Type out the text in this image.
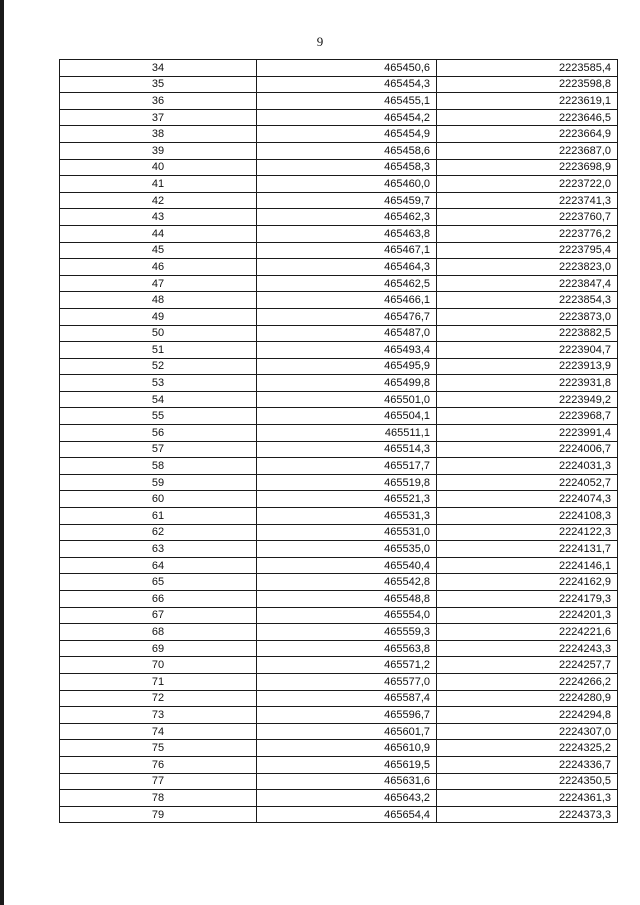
9
34	465450,6	2223585,4
35	465454,3	2223598,8
36	465455,1	2223619,1
37	465454,2	2223646,5
38	465454,9	2223664,9
39	465458,6	2223687,0
40	465458,3	2223698,9
41	465460,0	2223722,0
42	465459,7	2223741,3
43	465462,3	2223760,7
44	465463,8	2223776,2
45	465467,1	2223795,4
46	465464,3	2223823,0
47	465462,5	2223847,4
48	465466,1	2223854,3
49	465476,7	2223873,0
50	465487,0	2223882,5
51	465493,4	2223904,7
52	465495,9	2223913,9
53	465499,8	2223931,8
54	465501,0	2223949,2
55	465504,1	2223968,7
56	465511,1	2223991,4
57	465514,3	2224006,7
58	465517,7	2224031,3
59	465519,8	2224052,7
60	465521,3	2224074,3
61	465531,3	2224108,3
62	465531,0	2224122,3
63	465535,0	2224131,7
64	465540,4	2224146,1
65	465542,8	2224162,9
66	465548,8	2224179,3
67	465554,0	2224201,3
68	465559,3	2224221,6
69	465563,8	2224243,3
70	465571,2	2224257,7
71	465577,0	2224266,2
72	465587,4	2224280,9
73	465596,7	2224294,8
74	465601,7	2224307,0
75	465610,9	2224325,2
76	465619,5	2224336,7
77	465631,6	2224350,5
78	465643,2	2224361,3
79	465654,4	2224373,3
